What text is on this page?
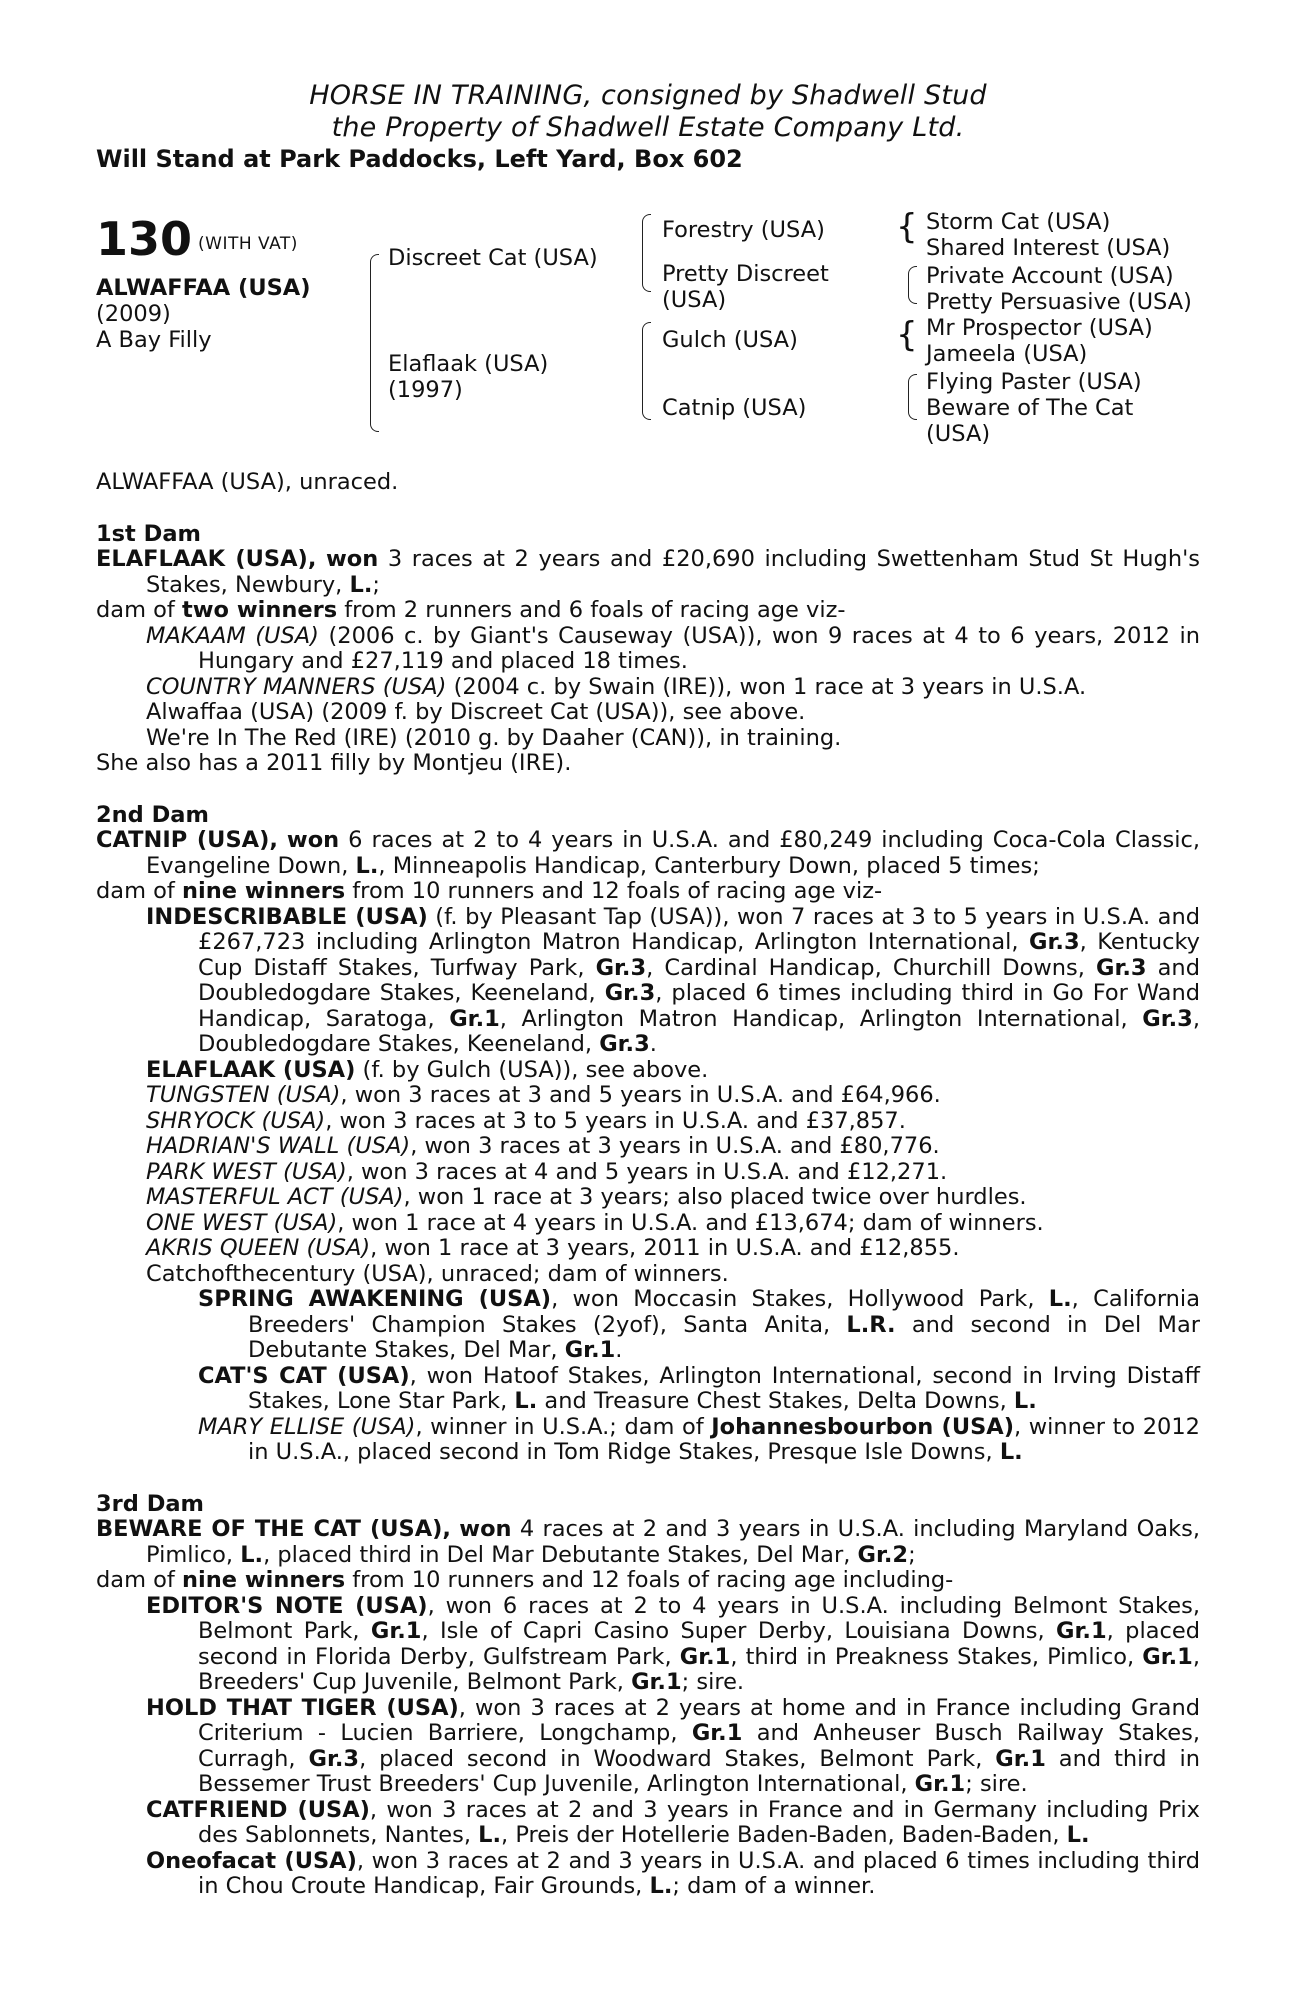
HORSE IN TRAINING, consigned by Shadwell Stud
the Property of Shadwell Estate Company Ltd.
Will Stand at Park Paddocks, Left Yard, Box 602
130 $^{(WITH VAT)}$
ALWAFFAA (USA)
(2009)
A Bay Filly
Discreet Cat (USA)
Elaflaak (USA)
(1997)
Forestry (USA)
Pretty Discreet
(USA)
Gulch (USA)
Catnip (USA)
{
{
Storm Cat (USA)
Shared Interest (USA)
Private Account (USA)
Pretty Persuasive (USA)
Mr Prospector (USA)
Jameela (USA)
Flying Paster (USA)
Beware of The Cat
(USA)

ALWAFFAA (USA), unraced.

1st Dam

ELAFLAAK (USA), won 3 races at 2 years and £20,690 including Swettenham Stud St Hugh's Stakes, Newbury, L.;

dam of two winners from 2 runners and 6 foals of racing age viz-

MAKAAM (USA) (2006 c. by Giant's Causeway (USA)), won 9 races at 4 to 6 years, 2012 in Hungary and £27,119 and placed 18 times.

COUNTRY MANNERS (USA) (2004 c. by Swain (IRE)), won 1 race at 3 years in U.S.A.

Alwaffaa (USA) (2009 f. by Discreet Cat (USA)), see above.

We're In The Red (IRE) (2010 g. by Daaher (CAN)), in training.

She also has a 2011 filly by Montjeu (IRE).

2nd Dam

CATNIP (USA), won 6 races at 2 to 4 years in U.S.A. and £80,249 including Coca-Cola Classic, Evangeline Down, L., Minneapolis Handicap, Canterbury Down, placed 5 times;

dam of nine winners from 10 runners and 12 foals of racing age viz-

INDESCRIBABLE (USA) (f. by Pleasant Tap (USA)), won 7 races at 3 to 5 years in U.S.A. and £267,723 including Arlington Matron Handicap, Arlington International, Gr.3, Kentucky Cup Distaff Stakes, Turfway Park, Gr.3, Cardinal Handicap, Churchill Downs, Gr.3 and Doubledogdare Stakes, Keeneland, Gr.3, placed 6 times including third in Go For Wand Handicap, Saratoga, Gr.1, Arlington Matron Handicap, Arlington International, Gr.3, Doubledogdare Stakes, Keeneland, Gr.3.

ELAFLAAK (USA) (f. by Gulch (USA)), see above.

TUNGSTEN (USA), won 3 races at 3 and 5 years in U.S.A. and £64,966.

SHRYOCK (USA), won 3 races at 3 to 5 years in U.S.A. and £37,857.

HADRIAN'S WALL (USA), won 3 races at 3 years in U.S.A. and £80,776.

PARK WEST (USA), won 3 races at 4 and 5 years in U.S.A. and £12,271.

MASTERFUL ACT (USA), won 1 race at 3 years; also placed twice over hurdles.

ONE WEST (USA), won 1 race at 4 years in U.S.A. and £13,674; dam of winners.

AKRIS QUEEN (USA), won 1 race at 3 years, 2011 in U.S.A. and £12,855.

Catchofthecentury (USA), unraced; dam of winners.

SPRING AWAKENING (USA), won Moccasin Stakes, Hollywood Park, L., California Breeders' Champion Stakes (2yof), Santa Anita, L.R. and second in Del Mar Debutante Stakes, Del Mar, Gr.1.

CAT'S CAT (USA), won Hatoof Stakes, Arlington International, second in Irving Distaff Stakes, Lone Star Park, L. and Treasure Chest Stakes, Delta Downs, L.

MARY ELLISE (USA), winner in U.S.A.; dam of Johannesbourbon (USA), winner to 2012 in U.S.A., placed second in Tom Ridge Stakes, Presque Isle Downs, L.

3rd Dam

BEWARE OF THE CAT (USA), won 4 races at 2 and 3 years in U.S.A. including Maryland Oaks, Pimlico, L., placed third in Del Mar Debutante Stakes, Del Mar, Gr.2;

dam of nine winners from 10 runners and 12 foals of racing age including-

EDITOR'S NOTE (USA), won 6 races at 2 to 4 years in U.S.A. including Belmont Stakes, Belmont Park, Gr.1, Isle of Capri Casino Super Derby, Louisiana Downs, Gr.1, placed second in Florida Derby, Gulfstream Park, Gr.1, third in Preakness Stakes, Pimlico, Gr.1, Breeders' Cup Juvenile, Belmont Park, Gr.1; sire.

HOLD THAT TIGER (USA), won 3 races at 2 years at home and in France including Grand Criterium - Lucien Barriere, Longchamp, Gr.1 and Anheuser Busch Railway Stakes, Curragh, Gr.3, placed second in Woodward Stakes, Belmont Park, Gr.1 and third in Bessemer Trust Breeders' Cup Juvenile, Arlington International, Gr.1; sire.

CATFRIEND (USA), won 3 races at 2 and 3 years in France and in Germany including Prix des Sablonnets, Nantes, L., Preis der Hotellerie Baden-Baden, Baden-Baden, L.

Oneofacat (USA), won 3 races at 2 and 3 years in U.S.A. and placed 6 times including third in Chou Croute Handicap, Fair Grounds, L.; dam of a winner.
